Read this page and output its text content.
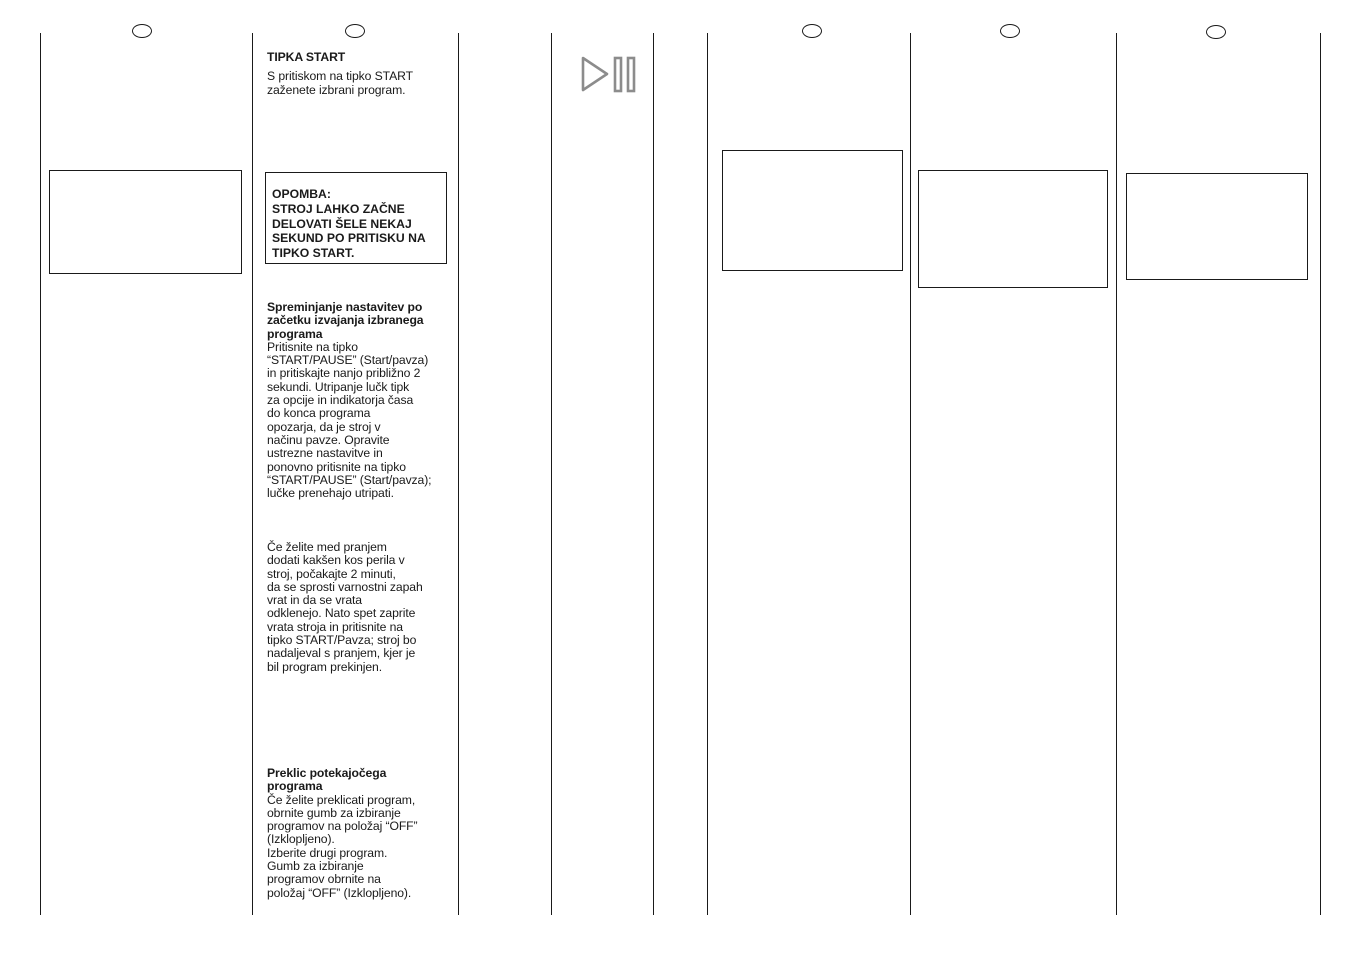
TIPKA START

S pritiskom na tipko START

zaženete izbrani program.

OPOMBA:

STROJ LAHKO ZAČNE

DELOVATI ŠELE NEKAJ

SEKUND PO PRITISKU NA

TIPKO START.

Spreminjanje nastavitev po

začetku izvajanja izbranega

programa

Pritisnite na tipko

“START/PAUSE” (Start/pavza)

in pritiskajte nanjo približno 2

sekundi. Utripanje lučk tipk

za opcije in indikatorja časa

do konca programa

opozarja, da je stroj v

načinu pavze. Opravite

ustrezne nastavitve in

ponovno pritisnite na tipko

“START/PAUSE” (Start/pavza);

lučke prenehajo utripati.

Če želite med pranjem

dodati kakšen kos perila v

stroj, počakajte 2 minuti,

da se sprosti varnostni zapah

vrat in da se vrata

odklenejo. Nato spet zaprite

vrata stroja in pritisnite na

tipko START/Pavza; stroj bo

nadaljeval s pranjem, kjer je

bil program prekinjen.

Preklic potekajočega

programa

Če želite preklicati program,

obrnite gumb za izbiranje

programov na položaj “OFF”

(Izklopljeno).

Izberite drugi program.

Gumb za izbiranje

programov obrnite na

položaj “OFF” (Izklopljeno).
